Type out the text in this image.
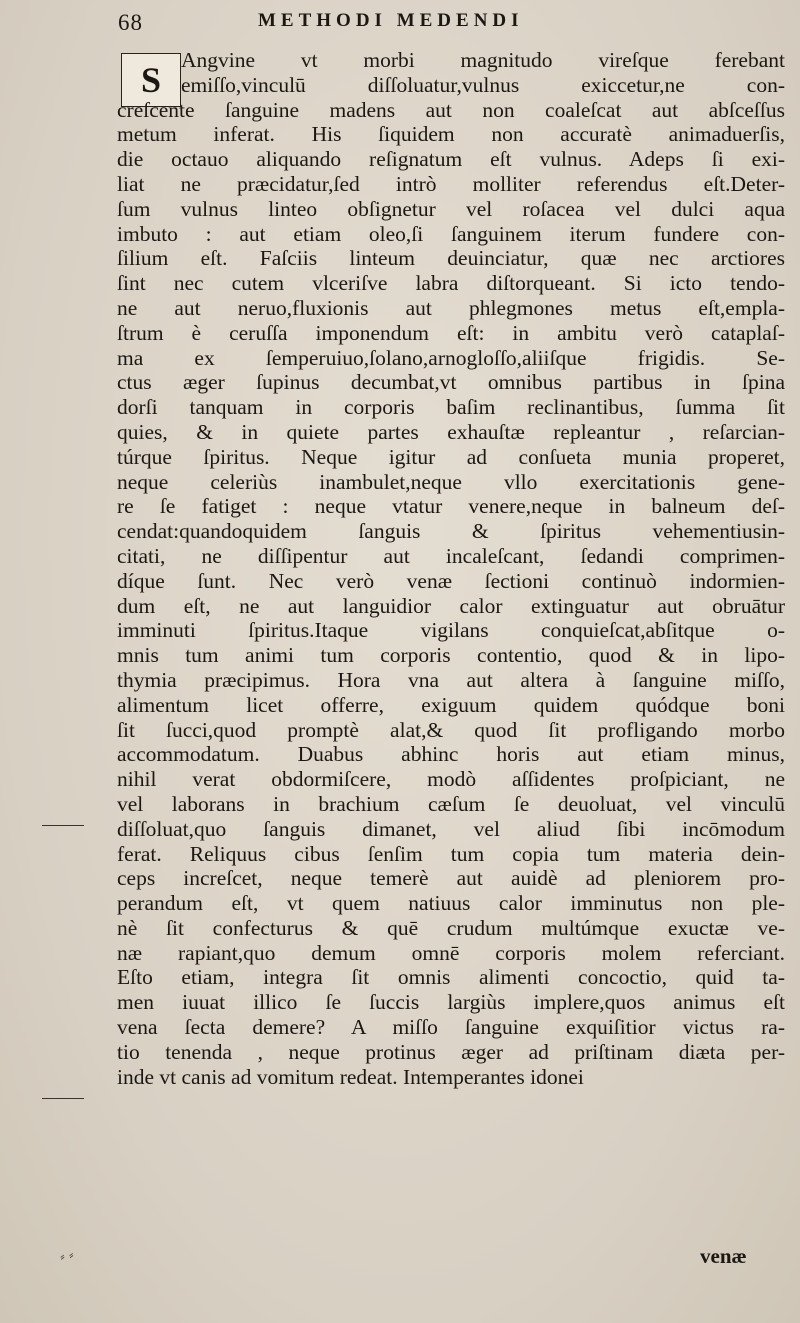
68	METHODI MEDENDI
S Angvine vt morbi magnitudo vireſque ferebant
emiſſo,vinculū diſſoluatur,vulnus exiccetur,ne con-
creſcente ſanguine madens aut non coaleſcat aut abſceſſus
metum inferat. His ſiquidem non accuratè animaduerſis,
die octauo aliquando reſignatum eſt vulnus. Adeps ſi exi-
liat ne præcidatur,ſed intrò molliter referendus eſt.Deter-
ſum vulnus linteo obſignetur vel roſacea vel dulci aqua
imbuto : aut etiam oleo,ſi ſanguinem iterum fundere con-
ſilium eſt. Faſciis linteum deuinciatur, quæ nec arctiores
ſint nec cutem vlceriſve labra diſtorqueant. Si icto tendo-
ne aut neruo,fluxionis aut phlegmones metus eſt,empla-
ſtrum è ceruſſa imponendum eſt: in ambitu verò cataplaſ-
ma ex ſemperuiuo,ſolano,arnogloſſo,aliiſque frigidis. Se-
ctus æger ſupinus decumbat,vt omnibus partibus in ſpina
dorſi tanquam in corporis baſim reclinantibus, ſumma ſit
quies, & in quiete partes exhauſtæ repleantur , reſarcian-
túrque ſpiritus. Neque igitur ad conſueta munia properet,
neque celeriùs inambulet,neque vllo exercitationis gene-
re ſe fatiget : neque vtatur venere,neque in balneum deſ-
cendat:quandoquidem ſanguis & ſpiritus vehementiusin-
citati, ne diſſipentur aut incaleſcant, ſedandi comprimen-
díque ſunt. Nec verò venæ ſectioni continuò indormien-
dum eſt, ne aut languidior calor extinguatur aut obruātur
imminuti ſpiritus.Itaque vigilans conquieſcat,abſitque o-
mnis tum animi tum corporis contentio, quod & in lipo-
thymia præcipimus. Hora vna aut altera à ſanguine miſſo,
alimentum licet offerre, exiguum quidem quódque boni
ſit ſucci,quod promptè alat,& quod ſit profligando morbo
accommodatum. Duabus abhinc horis aut etiam minus,
nihil verat obdormiſcere, modò aſſidentes proſpiciant, ne
vel laborans in brachium cæſum ſe deuoluat, vel vinculū
diſſoluat,quo ſanguis dimanet, vel aliud ſibi incōmodum
ferat. Reliquus cibus ſenſim tum copia tum materia dein-
ceps increſcet, neque temerè aut auidè ad pleniorem pro-
perandum eſt, vt quem natiuus calor imminutus non ple-
nè ſit confecturus & quē crudum multúmque exuctæ ve-
næ rapiant,quo demum omnē corporis molem referciant.
Eſto etiam, integra ſit omnis alimenti concoctio, quid ta-
men iuuat illico ſe ſuccis largiùs implere,quos animus eſt
vena ſecta demere? A miſſo ſanguine exquiſitior victus ra-
tio tenenda , neque protinus æger ad priſtinam diæta per-
inde vt canis ad vomitum redeat. Intemperantes idonei
venæ
⸗ ⸗
